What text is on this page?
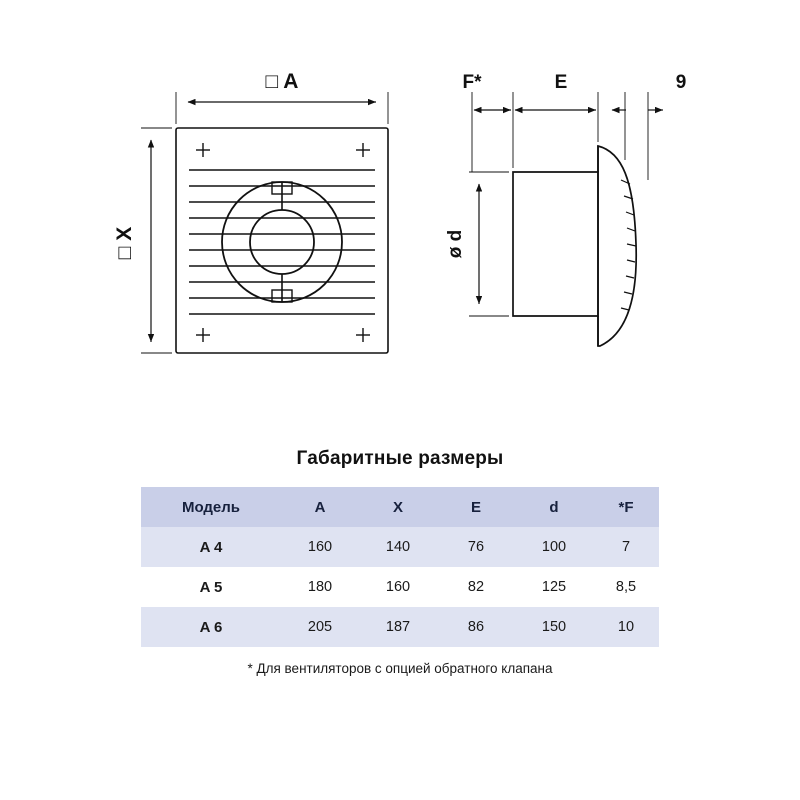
□ A	F*	E	9
□ X	ø d
Габаритные размеры
Модель	A	X	E	d	*F
A 4	160	140	76	100	7
A 5	180	160	82	125	8,5
A 6	205	187	86	150	10
* Для вентиляторов с опцией обратного клапана
